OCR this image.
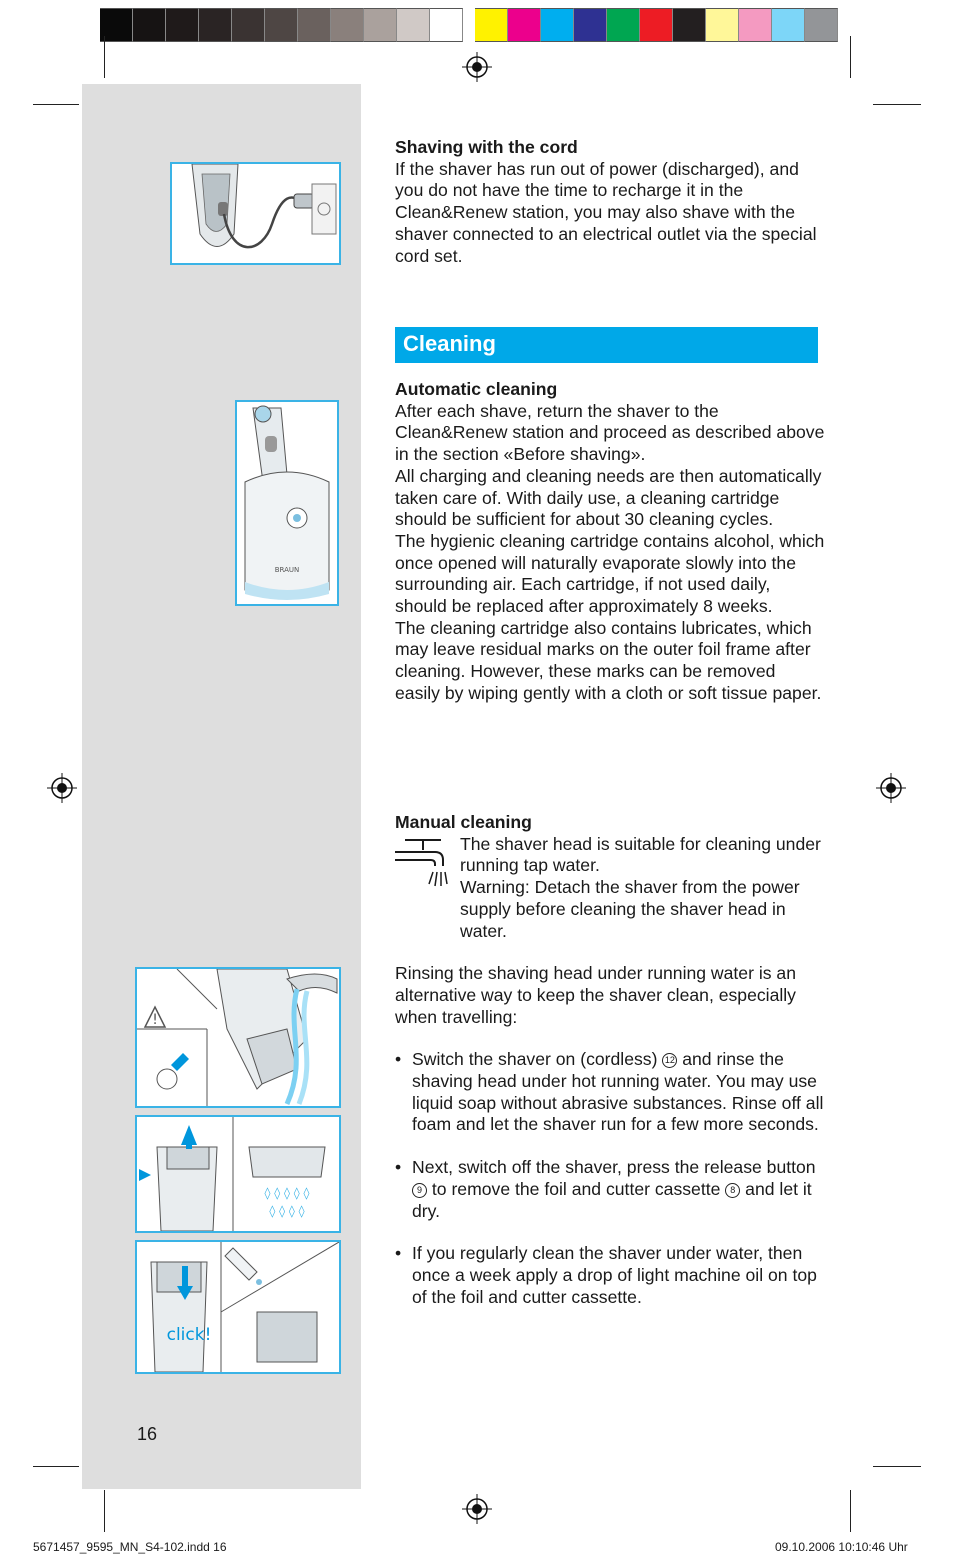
BRAUN
!
◊ ◊ ◊ ◊ ◊
◊ ◊ ◊ ◊
click!

Shaving with the cord

If the shaver has run out of power (discharged), and you do not have the time to recharge it in the Clean&Renew station, you may also shave with the shaver connected to an electrical outlet via the special cord set.

Cleaning

Automatic cleaning

After each shave, return the shaver to the Clean&Renew station and proceed as described above in the section «Before shaving».

All charging and cleaning needs are then automatically taken care of. With daily use, a cleaning cartridge should be sufficient for about 30 cleaning cycles.

The hygienic cleaning cartridge contains alcohol, which once opened will naturally evaporate slowly into the surrounding air. Each cartridge, if not used daily, should be replaced after approximately 8 weeks.

The cleaning cartridge also contains lubricates, which may leave residual marks on the outer foil frame after cleaning. However, these marks can be removed easily by wiping gently with a cloth or soft tissue paper.

Manual cleaning

The shaver head is suitable for cleaning under running tap water.

Warning: Detach the shaver from the power supply before cleaning the shaver head in water.

Rinsing the shaving head under running water is an alternative way to keep the shaver clean, especially when travelling:

• Switch the shaver on (cordless) 12 and rinse the shaving head under hot running water. You may use liquid soap without abrasive substances. Rinse off all foam and let the shaver run for a few more seconds.
• Next, switch off the shaver, press the release button 9 to remove the foil and cutter cassette 8 and let it dry.
• If you regularly clean the shaver under water, then once a week apply a drop of light machine oil on top of the foil and cutter cassette.
16
5671457_9595_MN_S4-102.indd 16	09.10.2006 10:10:46 Uhr
